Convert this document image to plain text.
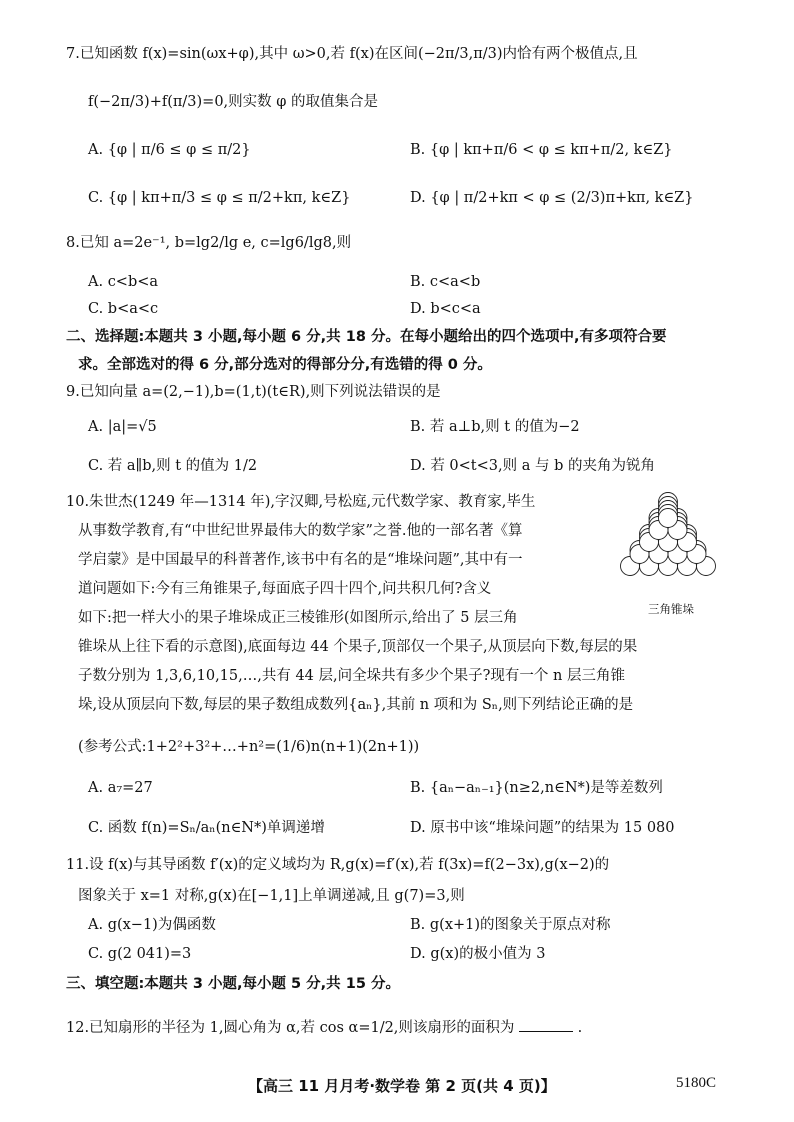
7.已知函数 f(x)=sin(ωx+φ),其中 ω>0,若 f(x)在区间(−2π/3,π/3)内恰有两个极值点,且
f(−2π/3)+f(π/3)=0,则实数 φ 的取值集合是
A. {φ | π/6 ≤ φ ≤ π/2}	B. {φ | kπ+π/6 < φ ≤ kπ+π/2, k∈Z}
C. {φ | kπ+π/3 ≤ φ ≤ π/2+kπ, k∈Z}	D. {φ | π/2+kπ < φ ≤ (2/3)π+kπ, k∈Z}
8.已知 a=2e⁻¹, b=lg2/lg e, c=lg6/lg8,则
A. c<b<a	B. c<a<b
C. b<a<c	D. b<c<a
二、选择题:本题共 3 小题,每小题 6 分,共 18 分。在每小题给出的四个选项中,有多项符合要
求。全部选对的得 6 分,部分选对的得部分分,有选错的得 0 分。
9.已知向量 a=(2,−1),b=(1,t)(t∈R),则下列说法错误的是
A. |a|=√5	B. 若 a⊥b,则 t 的值为−2
C. 若 a∥b,则 t 的值为 1/2	D. 若 0<t<3,则 a 与 b 的夹角为锐角
10.朱世杰(1249 年—1314 年),字汉卿,号松庭,元代数学家、教育家,毕生
从事数学教育,有“中世纪世界最伟大的数学家”之誉.他的一部名著《算
学启蒙》是中国最早的科普著作,该书中有名的是“堆垛问题”,其中有一
道问题如下:今有三角锥果子,每面底子四十四个,问共积几何?含义
如下:把一样大小的果子堆垛成正三棱锥形(如图所示,给出了 5 层三角
锥垛从上往下看的示意图),底面每边 44 个果子,顶部仅一个果子,从顶层向下数,每层的果
子数分别为 1,3,6,10,15,…,共有 44 层,问全垛共有多少个果子?现有一个 n 层三角锥
垛,设从顶层向下数,每层的果子数组成数列{aₙ},其前 n 项和为 Sₙ,则下列结论正确的是
(参考公式:1+2²+3²+…+n²=(1/6)n(n+1)(2n+1))
A. a₇=27	B. {aₙ−aₙ₋₁}(n≥2,n∈N*)是等差数列
C. 函数 f(n)=Sₙ/aₙ(n∈N*)单调递增	D. 原书中该“堆垛问题”的结果为 15 080
三角锥垛
11.设 f(x)与其导函数 f′(x)的定义域均为 R,g(x)=f′(x),若 f(3x)=f(2−3x),g(x−2)的
图象关于 x=1 对称,g(x)在[−1,1]上单调递减,且 g(7)=3,则
A. g(x−1)为偶函数	B. g(x+1)的图象关于原点对称
C. g(2 041)=3	D. g(x)的极小值为 3
三、填空题:本题共 3 小题,每小题 5 分,共 15 分。
12.已知扇形的半径为 1,圆心角为 α,若 cos α=1/2,则该扇形的面积为	.
【高三 11 月月考·数学卷 第 2 页(共 4 页)】	5180C
